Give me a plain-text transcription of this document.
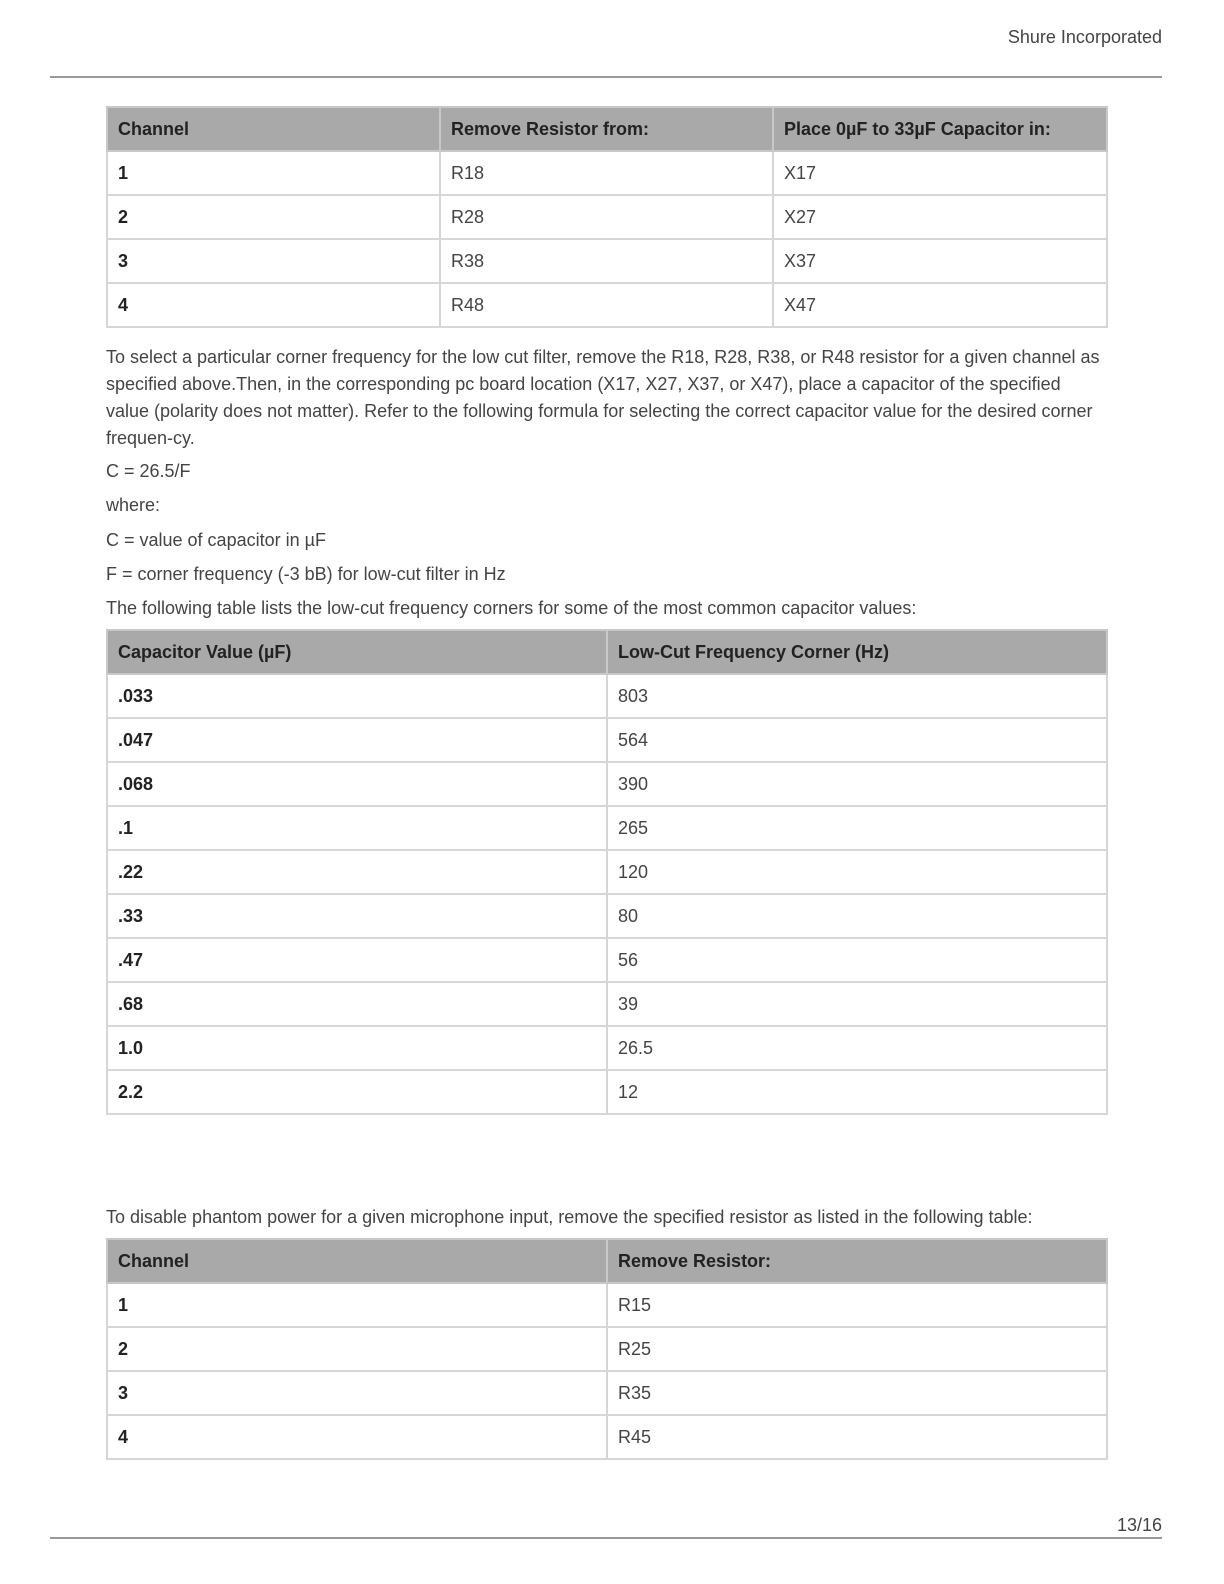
Shure Incorporated
Channel	Remove Resistor from:	Place 0µF to 33µF Capacitor in:
1	R18	X17
2	R28	X27
3	R38	X37
4	R48	X47

To select a particular corner frequency for the low cut filter, remove the R18, R28, R38, or R48 resistor for a given channel as specified above.Then, in the corresponding pc board location (X17, X27, X37, or X47), place a capacitor of the specified value (polarity does not matter). Refer to the following formula for selecting the correct capacitor value for the desired corner frequen-cy.

C = 26.5/F

where:

C = value of capacitor in µF

F = corner frequency (-3 bB) for low-cut filter in Hz

The following table lists the low-cut frequency corners for some of the most common capacitor values:

Capacitor Value (µF)	Low-Cut Frequency Corner (Hz)
.033	803
.047	564
.068	390
.1	265
.22	120
.33	80
.47	56
.68	39
1.0	26.5
2.2	12

To disable phantom power for a given microphone input, remove the specified resistor as listed in the following table:

Channel	Remove Resistor:
1	R15
2	R25
3	R35
4	R45
13/16
